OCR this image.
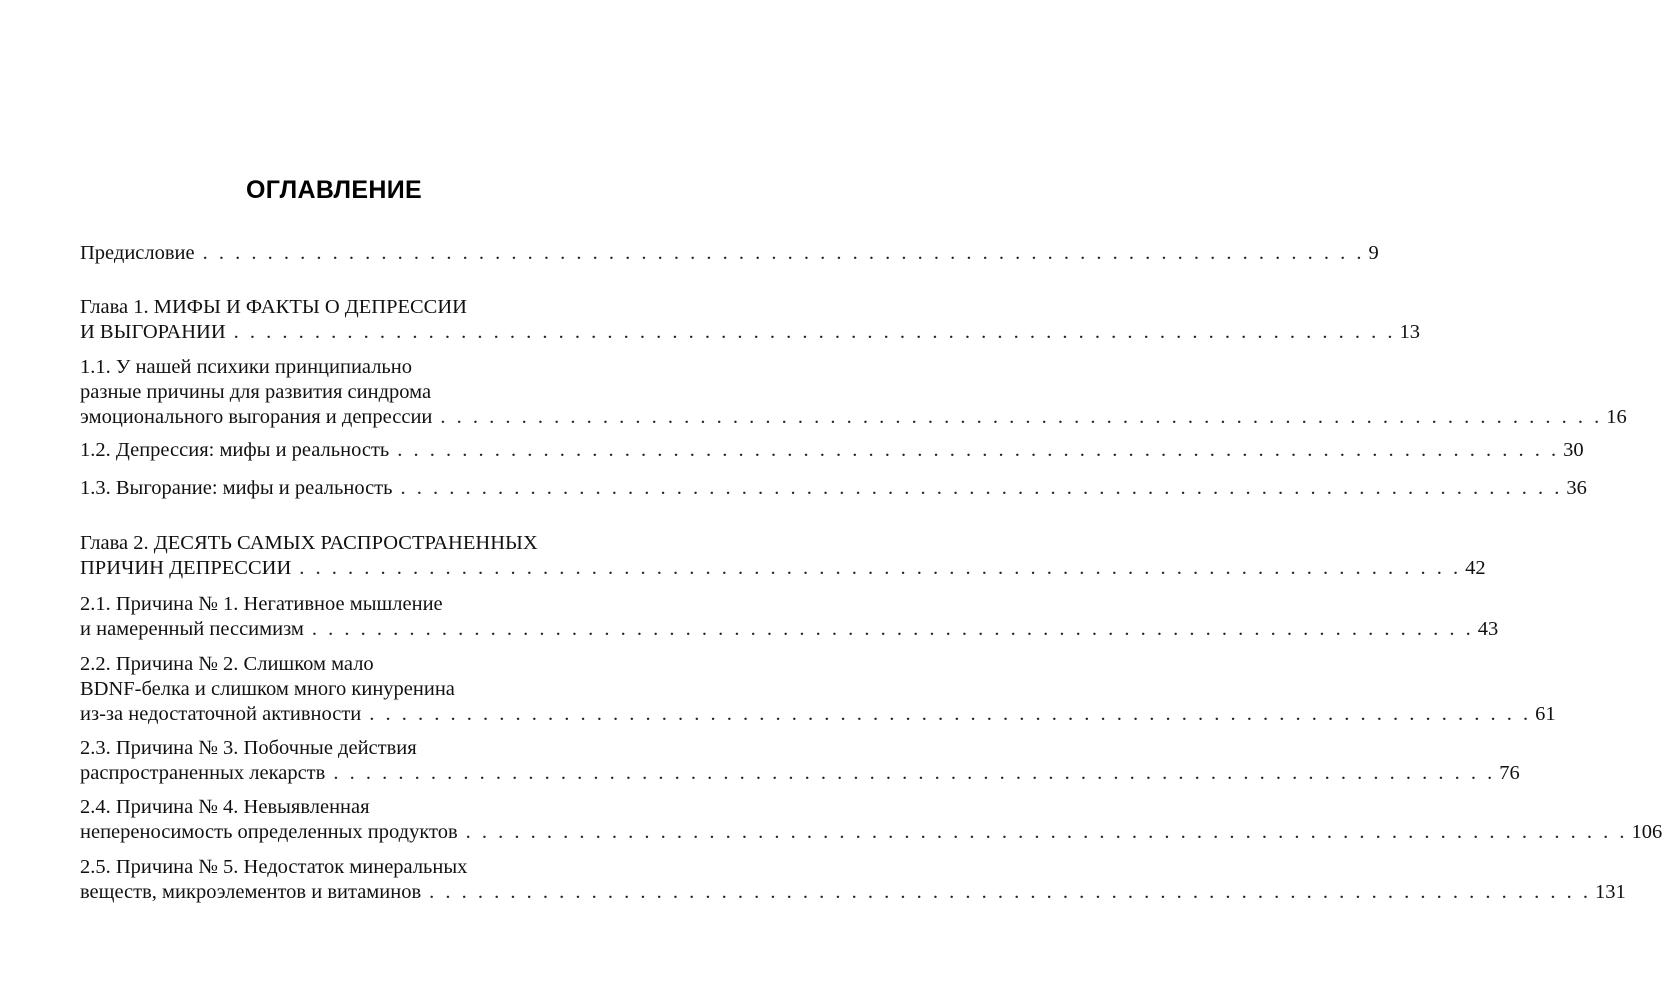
ОГЛАВЛЕНИЕ
Предисловие . . . . . . . . . . . . . . . . . . . . . . . . . . . . . . . . . . . . . . . . . . . . . . . . . . . . . . . . . . . . . . . . . . . . . . . . 9
Глава 1. МИФЫ И ФАКТЫ О ДЕПРЕССИИ
И ВЫГОРАНИИ . . . . . . . . . . . . . . . . . . . . . . . . . . . . . . . . . . . . . . . . . . . . . . . . . . . . . . . . . . . . . . . . . . . . . . . . 13
1.1. У нашей психики принципиально
разные причины для развития синдрома
эмоционального выгорания и депрессии . . . . . . . . . . . . . . . . . . . . . . . . . . . . . . . . . . . . . . . . . . . . . . . . . . . . . . . . . . . . . . . . . . . . . . . . 16
1.2. Депрессия: мифы и реальность . . . . . . . . . . . . . . . . . . . . . . . . . . . . . . . . . . . . . . . . . . . . . . . . . . . . . . . . . . . . . . . . . . . . . . . . 30
1.3. Выгорание: мифы и реальность . . . . . . . . . . . . . . . . . . . . . . . . . . . . . . . . . . . . . . . . . . . . . . . . . . . . . . . . . . . . . . . . . . . . . . . . 36
Глава 2. ДЕСЯТЬ САМЫХ РАСПРОСТРАНЕННЫХ
ПРИЧИН ДЕПРЕССИИ . . . . . . . . . . . . . . . . . . . . . . . . . . . . . . . . . . . . . . . . . . . . . . . . . . . . . . . . . . . . . . . . . . . . . . . . 42
2.1. Причина № 1. Негативное мышление
и намеренный пессимизм . . . . . . . . . . . . . . . . . . . . . . . . . . . . . . . . . . . . . . . . . . . . . . . . . . . . . . . . . . . . . . . . . . . . . . . . 43
2.2. Причина № 2. Слишком мало
BDNF-белка и слишком много кинуренина
из-за недостаточной активности . . . . . . . . . . . . . . . . . . . . . . . . . . . . . . . . . . . . . . . . . . . . . . . . . . . . . . . . . . . . . . . . . . . . . . . . 61
2.3. Причина № 3. Побочные действия
распространенных лекарств . . . . . . . . . . . . . . . . . . . . . . . . . . . . . . . . . . . . . . . . . . . . . . . . . . . . . . . . . . . . . . . . . . . . . . . . 76
2.4. Причина № 4. Невыявленная
непереносимость определенных продуктов . . . . . . . . . . . . . . . . . . . . . . . . . . . . . . . . . . . . . . . . . . . . . . . . . . . . . . . . . . . . . . . . . . . . . . . . 106
2.5. Причина № 5. Недостаток минеральных
веществ, микроэлементов и витаминов . . . . . . . . . . . . . . . . . . . . . . . . . . . . . . . . . . . . . . . . . . . . . . . . . . . . . . . . . . . . . . . . . . . . . . . . 131
